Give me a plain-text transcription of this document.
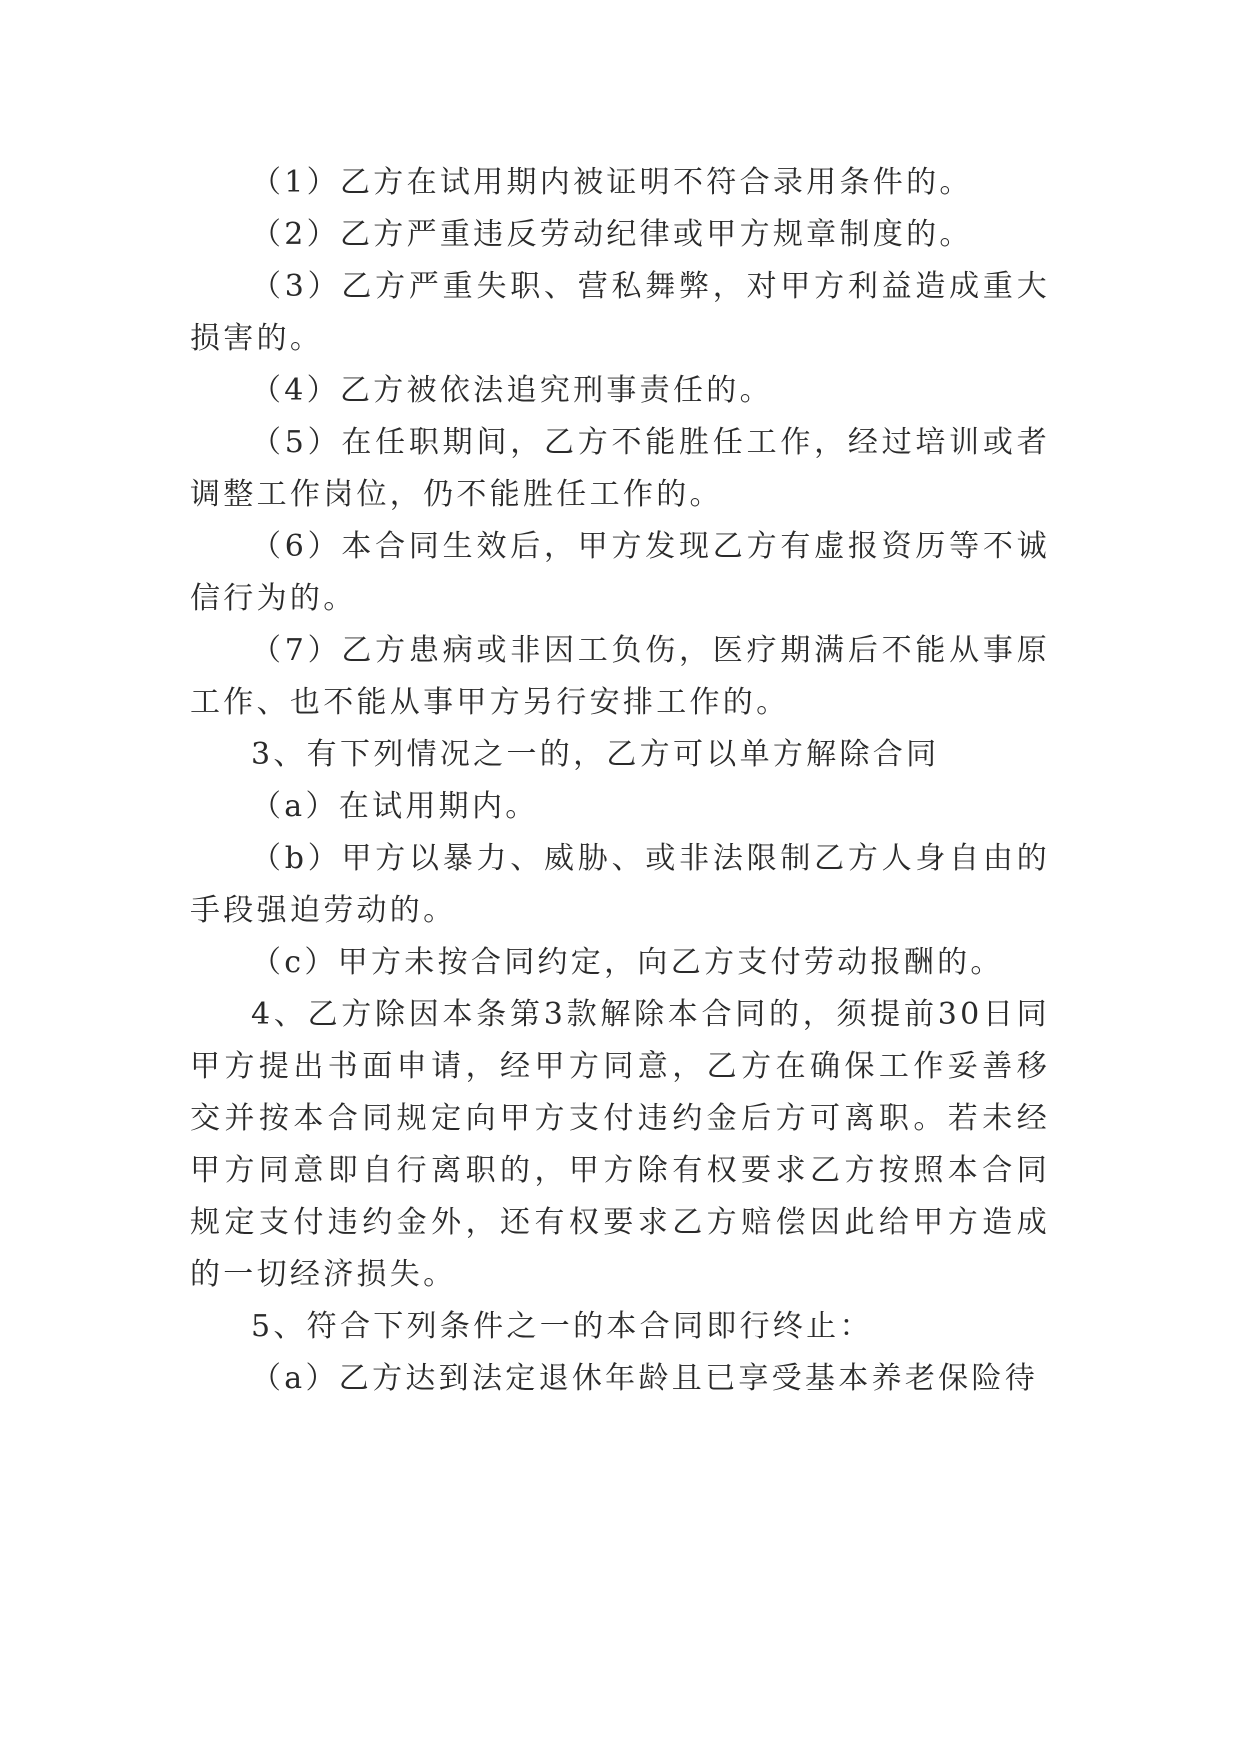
（1）乙方在试用期内被证明不符合录用条件的。

（2）乙方严重违反劳动纪律或甲方规章制度的。

（3）乙方严重失职、营私舞弊，对甲方利益造成重大损害的。

（4）乙方被依法追究刑事责任的。

（5）在任职期间，乙方不能胜任工作，经过培训或者调整工作岗位，仍不能胜任工作的。

（6）本合同生效后，甲方发现乙方有虚报资历等不诚信行为的。

（7）乙方患病或非因工负伤，医疗期满后不能从事原工作、也不能从事甲方另行安排工作的。

3、有下列情况之一的，乙方可以单方解除合同

（a）在试用期内。

（b）甲方以暴力、威胁、或非法限制乙方人身自由的手段强迫劳动的。

（c）甲方未按合同约定，向乙方支付劳动报酬的。

4、乙方除因本条第3款解除本合同的，须提前30日同甲方提出书面申请，经甲方同意，乙方在确保工作妥善移交并按本合同规定向甲方支付违约金后方可离职。若未经甲方同意即自行离职的，甲方除有权要求乙方按照本合同规定支付违约金外，还有权要求乙方赔偿因此给甲方造成的一切经济损失。

5、符合下列条件之一的本合同即行终止：

（a）乙方达到法定退休年龄且已享受基本养老保险待
